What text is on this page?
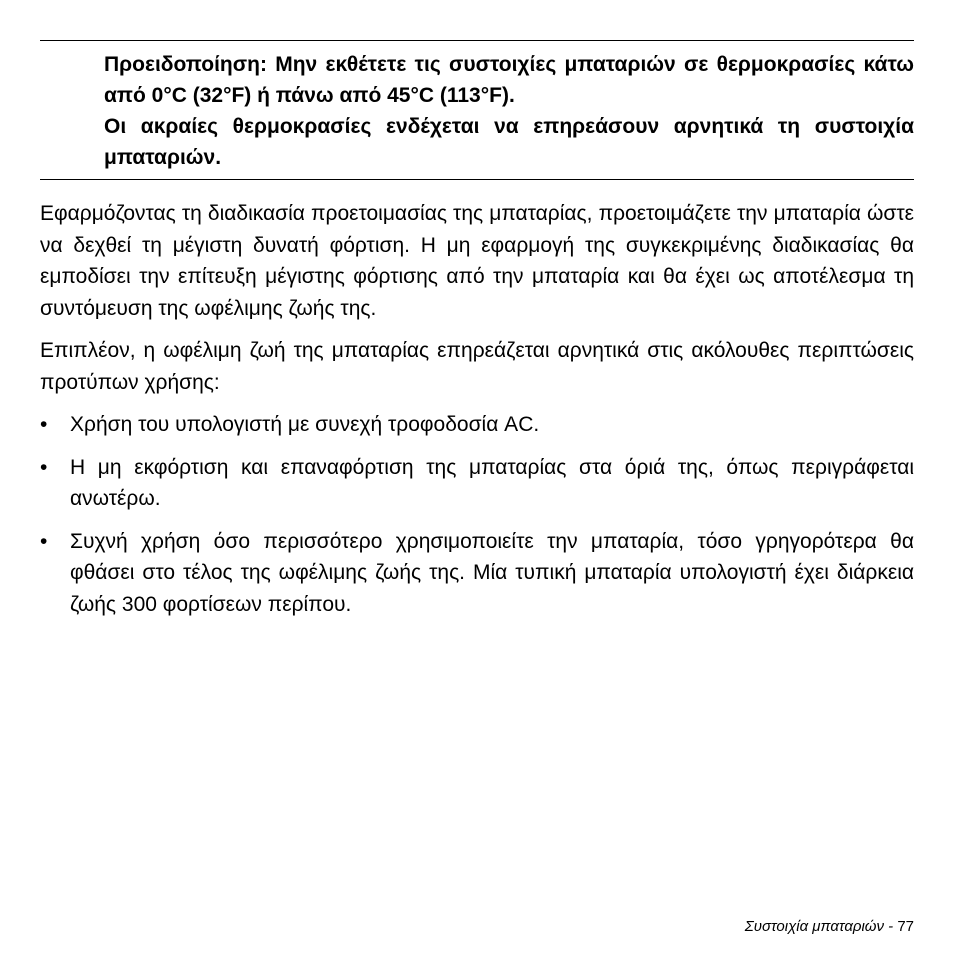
Προειδοποίηση: Μην εκθέτετε τις συστοιχίες μπαταριών σε θερμοκρασίες κάτω από 0°C (32°F) ή πάνω από 45°C (113°F).

Οι ακραίες θερμοκρασίες ενδέχεται να επηρεάσουν αρνητικά τη συστοιχία μπαταριών.

Εφαρμόζοντας τη διαδικασία προετοιμασίας της μπαταρίας, προετοιμάζετε την μπαταρία ώστε να δεχθεί τη μέγιστη δυνατή φόρτιση. Η μη εφαρμογή της συγκεκριμένης διαδικασίας θα εμποδίσει την επίτευξη μέγιστης φόρτισης από την μπαταρία και θα έχει ως αποτέλεσμα τη συντόμευση της ωφέλιμης ζωής της.

Επιπλέον, η ωφέλιμη ζωή της μπαταρίας επηρεάζεται αρνητικά στις ακόλουθες περιπτώσεις προτύπων χρήσης:

• Χρήση του υπολογιστή με συνεχή τροφοδοσία AC.
• Η μη εκφόρτιση και επαναφόρτιση της μπαταρίας στα όριά της, όπως περιγράφεται ανωτέρω.
• Συχνή χρήση όσο περισσότερο χρησιμοποιείτε την μπαταρία, τόσο γρηγορότερα θα φθάσει στο τέλος της ωφέλιμης ζωής της. Μία τυπική μπαταρία υπολογιστή έχει διάρκεια ζωής 300 φορτίσεων περίπου.
Συστοιχία μπαταριών - 77
